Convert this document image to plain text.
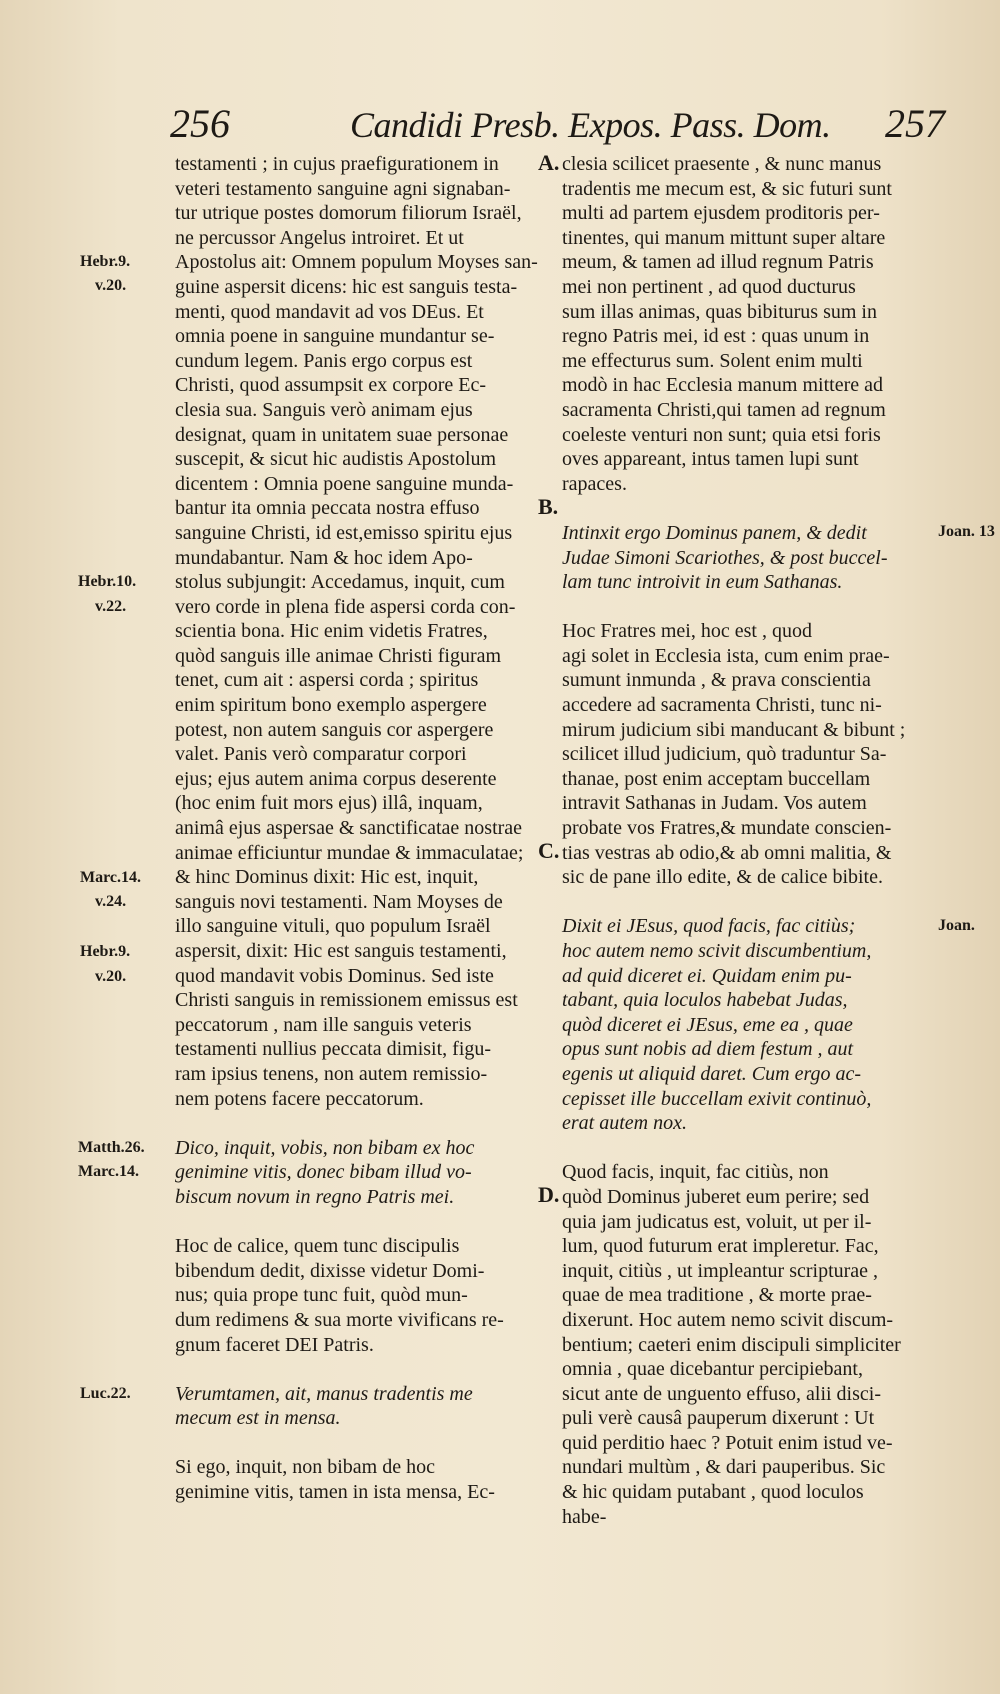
256	Candidi Presb. Expos. Pass. Dom. 257
testamenti ; in cujus praefigurationem in
veteri testamento sanguine agni signaban-
tur utrique postes domorum filiorum Israël,
ne percussor Angelus introiret. Et ut
Apostolus ait: Omnem populum Moyses san-
guine aspersit dicens: hic est sanguis testa-
menti, quod mandavit ad vos DEus. Et
omnia poene in sanguine mundantur se-
cundum legem. Panis ergo corpus est
Christi, quod assumpsit ex corpore Ec-
clesia sua. Sanguis verò animam ejus
designat, quam in unitatem suae personae
suscepit, & sicut hic audistis Apostolum
dicentem : Omnia poene sanguine munda-
bantur ita omnia peccata nostra effuso
sanguine Christi, id est,emisso spiritu ejus
mundabantur. Nam & hoc idem Apo-
stolus subjungit: Accedamus, inquit, cum
vero corde in plena fide aspersi corda con-
scientia bona. Hic enim videtis Fratres,
quòd sanguis ille animae Christi figuram
tenet, cum ait : aspersi corda ; spiritus
enim spiritum bono exemplo aspergere
potest, non autem sanguis cor aspergere
valet. Panis verò comparatur corpori
ejus; ejus autem anima corpus deserente
(hoc enim fuit mors ejus) illâ, inquam,
animâ ejus aspersae & sanctificatae nostrae
animae efficiuntur mundae & immaculatae;
& hinc Dominus dixit: Hic est, inquit,
sanguis novi testamenti. Nam Moyses de
illo sanguine vituli, quo populum Israël
aspersit, dixit: Hic est sanguis testamenti,
quod mandavit vobis Dominus. Sed iste
Christi sanguis in remissionem emissus est
peccatorum , nam ille sanguis veteris
testamenti nullius peccata dimisit, figu-
ram ipsius tenens, non autem remissio-
nem potens facere peccatorum.
Dico, inquit, vobis, non bibam ex hoc
genimine vitis, donec bibam illud vo-
biscum novum in regno Patris mei.
Hoc de calice, quem tunc discipulis
bibendum dedit, dixisse videtur Domi-
nus; quia prope tunc fuit, quòd mun-
dum redimens & sua morte vivificans re-
gnum faceret DEI Patris.
Verumtamen, ait, manus tradentis me
mecum est in mensa.
Si ego, inquit, non bibam de hoc
genimine vitis, tamen in ista mensa, Ec-
clesia scilicet praesente , & nunc manus
tradentis me mecum est, & sic futuri sunt
multi ad partem ejusdem proditoris per-
tinentes, qui manum mittunt super altare
meum, & tamen ad illud regnum Patris
mei non pertinent , ad quod ducturus
sum illas animas, quas bibiturus sum in
regno Patris mei, id est : quas unum in
me effecturus sum. Solent enim multi
modò in hac Ecclesia manum mittere ad
sacramenta Christi,qui tamen ad regnum
coeleste venturi non sunt; quia etsi foris
oves appareant, intus tamen lupi sunt
rapaces.
Intinxit ergo Dominus panem, & dedit
Judae Simoni Scariothes, & post buccel-
lam tunc introivit in eum Sathanas.
Hoc Fratres mei, hoc est , quod
agi solet in Ecclesia ista, cum enim prae-
sumunt inmunda , & prava conscientia
accedere ad sacramenta Christi, tunc ni-
mirum judicium sibi manducant & bibunt ;
scilicet illud judicium, quò traduntur Sa-
thanae, post enim acceptam buccellam
intravit Sathanas in Judam. Vos autem
probate vos Fratres,& mundate conscien-
tias vestras ab odio,& ab omni malitia, &
sic de pane illo edite, & de calice bibite.
Dixit ei JEsus, quod facis, fac citiùs;
hoc autem nemo scivit discumbentium,
ad quid diceret ei. Quidam enim pu-
tabant, quia loculos habebat Judas,
quòd diceret ei JEsus, eme ea , quae
opus sunt nobis ad diem festum , aut
egenis ut aliquid daret. Cum ergo ac-
cepisset ille buccellam exivit continuò,
erat autem nox.
Quod facis, inquit, fac citiùs, non
quòd Dominus juberet eum perire; sed
quia jam judicatus est, voluit, ut per il-
lum, quod futurum erat impleretur. Fac,
inquit, citiùs , ut impleantur scripturae ,
quae de mea traditione , & morte prae-
dixerunt. Hoc autem nemo scivit discum-
bentium; caeteri enim discipuli simpliciter
omnia , quae dicebantur percipiebant,
sicut ante de unguento effuso, alii disci-
puli verè causâ pauperum dixerunt : Ut
quid perditio haec ? Potuit enim istud ve-
nundari multùm , & dari pauperibus. Sic
& hic quidam putabant , quod loculos
habe-
A.
B.
C.
D.
Hebr.9.
v.20.
Hebr.10.
v.22.
Marc.14.
v.24.
Hebr.9.
v.20.
Matth.26.
Marc.14.
Luc.22.
Joan. 13
Joan.
